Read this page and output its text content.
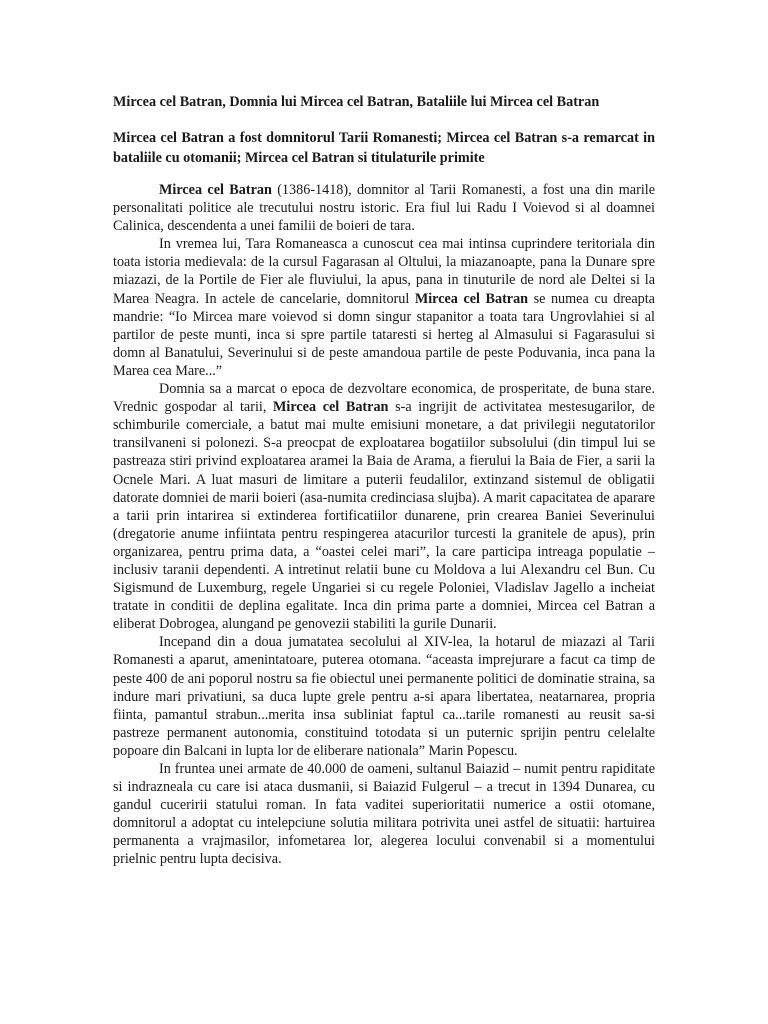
Mircea cel Batran, Domnia lui Mircea cel Batran, Bataliile lui Mircea cel Batran
Mircea cel Batran a fost domnitorul Tarii Romanesti; Mircea cel Batran s-a remarcat in bataliile cu otomanii; Mircea cel Batran si titulaturile primite

Mircea cel Batran (1386-1418), domnitor al Tarii Romanesti, a fost una din marile personalitati politice ale trecutului nostru istoric. Era fiul lui Radu I Voievod si al doamnei Calinica, descendenta a unei familii de boieri de tara.

In vremea lui, Tara Romaneasca a cunoscut cea mai intinsa cuprindere teritoriala din toata istoria medievala: de la cursul Fagarasan al Oltului, la miazanoapte, pana la Dunare spre miazazi, de la Portile de Fier ale fluviului, la apus, pana in tinuturile de nord ale Deltei si la Marea Neagra. In actele de cancelarie, domnitorul Mircea cel Batran se numea cu dreapta mandrie: “Io Mircea mare voievod si domn singur stapanitor a toata tara Ungrovlahiei si al partilor de peste munti, inca si spre partile tataresti si herteg al Almasului si Fagarasului si domn al Banatului, Severinului si de peste amandoua partile de peste Poduvania, inca pana la Marea cea Mare...”

Domnia sa a marcat o epoca de dezvoltare economica, de prosperitate, de buna stare. Vrednic gospodar al tarii, Mircea cel Batran s-a ingrijit de activitatea mestesugarilor, de schimburile comerciale, a batut mai multe emisiuni monetare, a dat privilegii negutatorilor transilvaneni si polonezi. S-a preocpat de exploatarea bogatiilor subsolului (din timpul lui se pastreaza stiri privind exploatarea aramei la Baia de Arama, a fierului la Baia de Fier, a sarii la Ocnele Mari. A luat masuri de limitare a puterii feudalilor, extinzand sistemul de obligatii datorate domniei de marii boieri (asa-numita credinciasa slujba). A marit capacitatea de aparare a tarii prin intarirea si extinderea fortificatiilor dunarene, prin crearea Baniei Severinului (dregatorie anume infiintata pentru respingerea atacurilor turcesti la granitele de apus), prin organizarea, pentru prima data, a “oastei celei mari”, la care participa intreaga populatie – inclusiv taranii dependenti. A intretinut relatii bune cu Moldova a lui Alexandru cel Bun. Cu Sigismund de Luxemburg, regele Ungariei si cu regele Poloniei, Vladislav Jagello a incheiat tratate in conditii de deplina egalitate. Inca din prima parte a domniei, Mircea cel Batran a eliberat Dobrogea, alungand pe genovezii stabiliti la gurile Dunarii.

Incepand din a doua jumatatea secolului al XIV-lea, la hotarul de miazazi al Tarii Romanesti a aparut, amenintatoare, puterea otomana. “aceasta imprejurare a facut ca timp de peste 400 de ani poporul nostru sa fie obiectul unei permanente politici de dominatie straina, sa indure mari privatiuni, sa duca lupte grele pentru a-si apara libertatea, neatarnarea, propria fiinta, pamantul strabun...merita insa subliniat faptul ca...tarile romanesti au reusit sa-si pastreze permanent autonomia, constituind totodata si un puternic sprijin pentru celelalte popoare din Balcani in lupta lor de eliberare nationala” Marin Popescu.

In fruntea unei armate de 40.000 de oameni, sultanul Baiazid – numit pentru rapiditate si indrazneala cu care isi ataca dusmanii, si Baiazid Fulgerul – a trecut in 1394 Dunarea, cu gandul cuceririi statului roman. In fata vaditei superioritatii numerice a ostii otomane, domnitorul a adoptat cu intelepciune solutia militara potrivita unei astfel de situatii: hartuirea permanenta a vrajmasilor, infometarea lor, alegerea locului convenabil si a momentului prielnic pentru lupta decisiva.
